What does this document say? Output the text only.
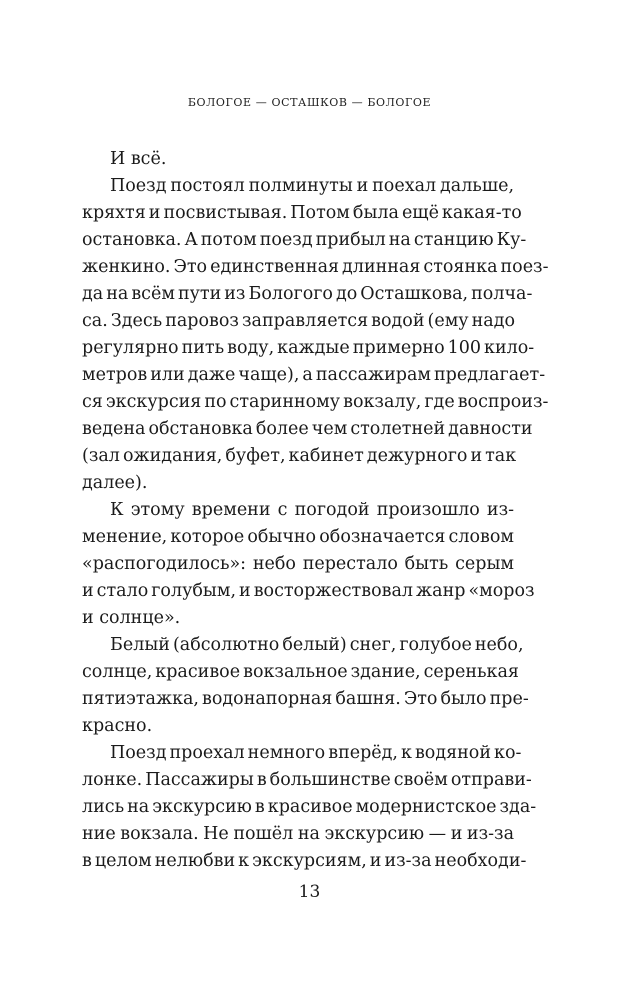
БОЛОГОЕ — ОСТАШКОВ — БОЛОГОЕ
И всё.
Поезд постоял полминуты и поехал дальше,
кряхтя и посвистывая. Потом была ещё какая-то
остановка. А потом поезд прибыл на станцию Ку-
женкино. Это единственная длинная стоянка поез-
да на всём пути из Бологого до Осташкова, полча-
са. Здесь паровоз заправляется водой (ему надо
регулярно пить воду, каждые примерно 100 кило-
метров или даже чаще), а пассажирам предлагает-
ся экскурсия по старинному вокзалу, где воспроиз-
ведена обстановка более чем столетней давности
(зал ожидания, буфет, кабинет дежурного и так
далее).
К этому времени с погодой произошло из-
менение, которое обычно обозначается словом
«распогодилось»: небо перестало быть серым
и стало голубым, и восторжествовал жанр «мороз
и солнце».
Белый (абсолютно белый) снег, голубое небо,
солнце, красивое вокзальное здание, серенькая
пятиэтажка, водонапорная башня. Это было пре-
красно.
Поезд проехал немного вперёд, к водяной ко-
лонке. Пассажиры в большинстве своём отправи-
лись на экскурсию в красивое модернистское зда-
ние вокзала. Не пошёл на экскурсию — и из-за
в целом нелюбви к экскурсиям, и из-за необходи-
13
